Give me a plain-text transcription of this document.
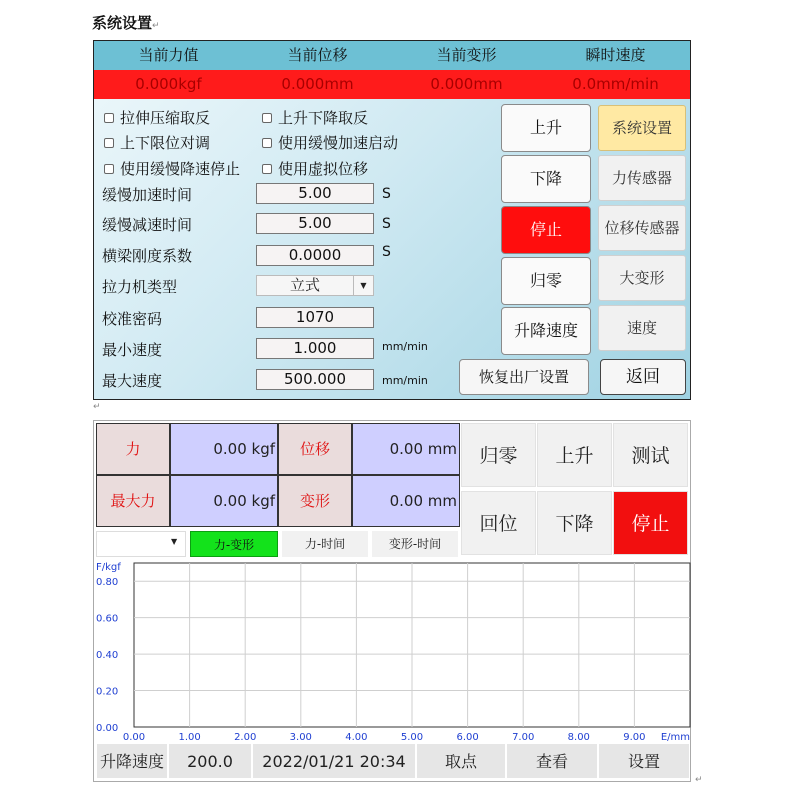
系统设置↵
当前力值	当前位移	当前变形	瞬时速度
0.000kgf	0.000mm	0.000mm	0.0mm/min
拉伸压缩取反	上升下降取反
上下限位对调	使用缓慢加速启动
使用缓慢降速停止	使用虚拟位移
缓慢加速时间	5.00	S
缓慢减速时间	5.00	S
横梁刚度系数	0.0000	S
拉力机类型	立式	▼
校准密码	1070
最小速度	1.000	mm/min
最大速度	500.000	mm/min
上升
下降
停止
归零
升降速度
系统设置
力传感器
位移传感器
大变形
速度
恢复出厂设置	返回
↵
力	0.00 kgf	位移	0.00 mm
最大力	0.00 kgf	变形	0.00 mm
归零	上升	测试
回位	下降	停止
▼	力-变形	力-时间	变形-时间
0.00	1.00	2.00	3.00	4.00	5.00	6.00	7.00	8.00	9.00
0.00
0.20
0.40
0.60
0.80
F/kgf
E/mm
升降速度	200.0	2022/01/21 20:34	取点	查看	设置
↵
